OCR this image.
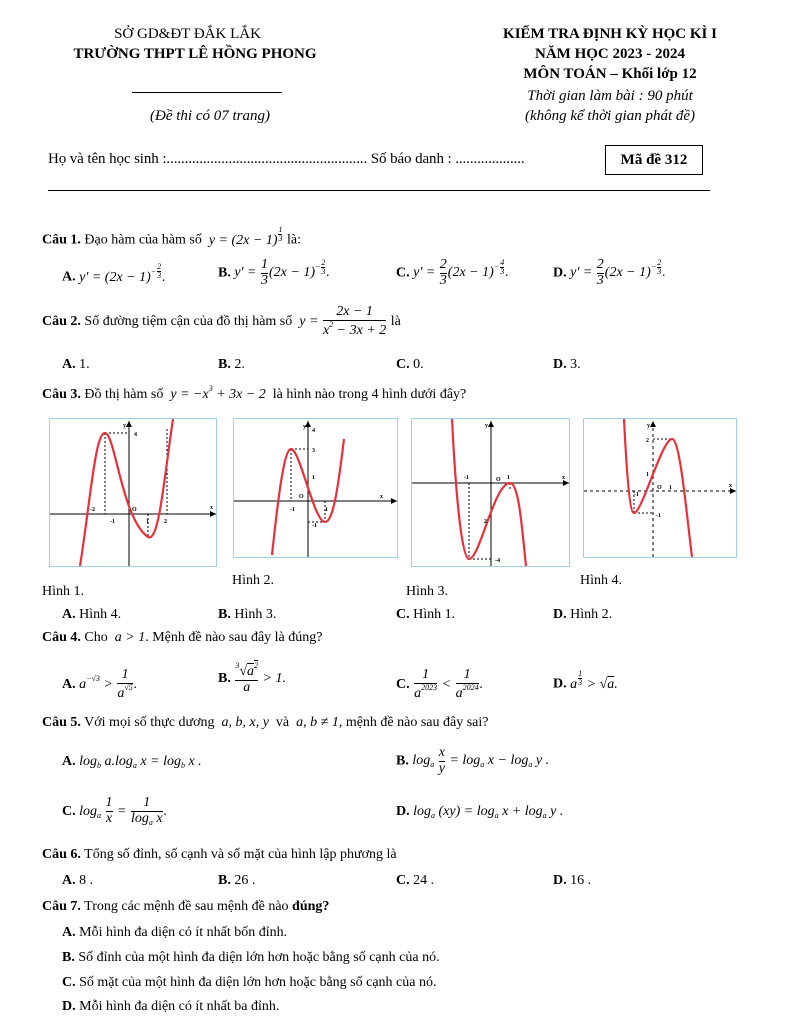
SỞ GD&ĐT ĐẮK LẮK
TRƯỜNG THPT LÊ HỒNG PHONG
(Đề thi có 07 trang)
KIỂM TRA ĐỊNH KỲ HỌC KÌ I
NĂM HỌC 2023 - 2024
MÔN TOÁN – Khối lớp 12
Thời gian làm bài : 90 phút
(không kể thời gian phát đề)
Họ và tên học sinh :....................................................... Số báo danh : ...................	Mã đề 312
Câu 1. Đạo hàm của hàm số  y = (2x − 1) $^{\frac{1}{3}}$ là:
A. $y' = (2x - 1)^{- \frac{2}{3}}$ .	B. $y' = \frac{1}{3} (2x - 1)^{- \frac{2}{3}}$ .	C. $y' = \frac{2}{3} (2x - 1)^{- \frac{4}{3}}$ .	D. $y' = \frac{2}{3} (2x - 1)^{- \frac{2}{3}}$ .
Câu 2. Số đường tiệm cận của đồ thị hàm số  $y = \frac{2x - 1}{x^2 - 3x + 2}$ là
A. 1.	B. 2.	C. 0.	D. 3.
Câu 3. Đồ thị hàm số  $y = -x^3 + 3x - 2$  là hình nào trong 4 hình dưới đây?
y
4
x
O
-2
-1	1	2
y
4
3
1
O	x
-1	1
-1
y
O	x
-1	1
2
-4
y
2
1
-1
O 1
-1
x
Hình 1.
Hình 2.
Hình 3.
Hình 4.
A. Hình 4.	B. Hình 3.	C. Hình 1.	D. Hình 2.
Câu 4. Cho  a > 1. Mệnh đề nào sau đây là đúng?
A. $a^{-√3} > \frac{1}{a^{√5}}$ .	B. $\frac{^3√a^2}{a} > 1$.	C. $\frac{1}{a^{2023}} < \frac{1}{a^{2024}}$ .	D. a $^{\frac{1}{3}}$ > √a.
Câu 5. Với mọi số thực dương  a, b, x, y  và  a, b ≠ 1, mệnh đề nào sau đây sai?
A. $\log_b a.\log_a$ $x = \log_b x$ .	B. $\log_a \frac{x}{y} = \log_a x - \log_a y$ .
C. $\log_a \frac{1}{x} = \frac{1}{\log_a x}$ .	D. $\log_a (xy) = \log_a x + \log_a y$ .
Câu 6. Tổng số đỉnh, số cạnh và số mặt của hình lập phương là
A. 8 .	B. 26 .	C. 24 .	D. 16 .
Câu 7. Trong các mệnh đề sau mệnh đề nào đúng?
A. Mỗi hình đa diện có ít nhất bốn đỉnh.
B. Số đỉnh của một hình đa diện lớn hơn hoặc bằng số cạnh của nó.
C. Số mặt của một hình đa diện lớn hơn hoặc bằng số cạnh của nó.
D. Mỗi hình đa diện có ít nhất ba đỉnh.
